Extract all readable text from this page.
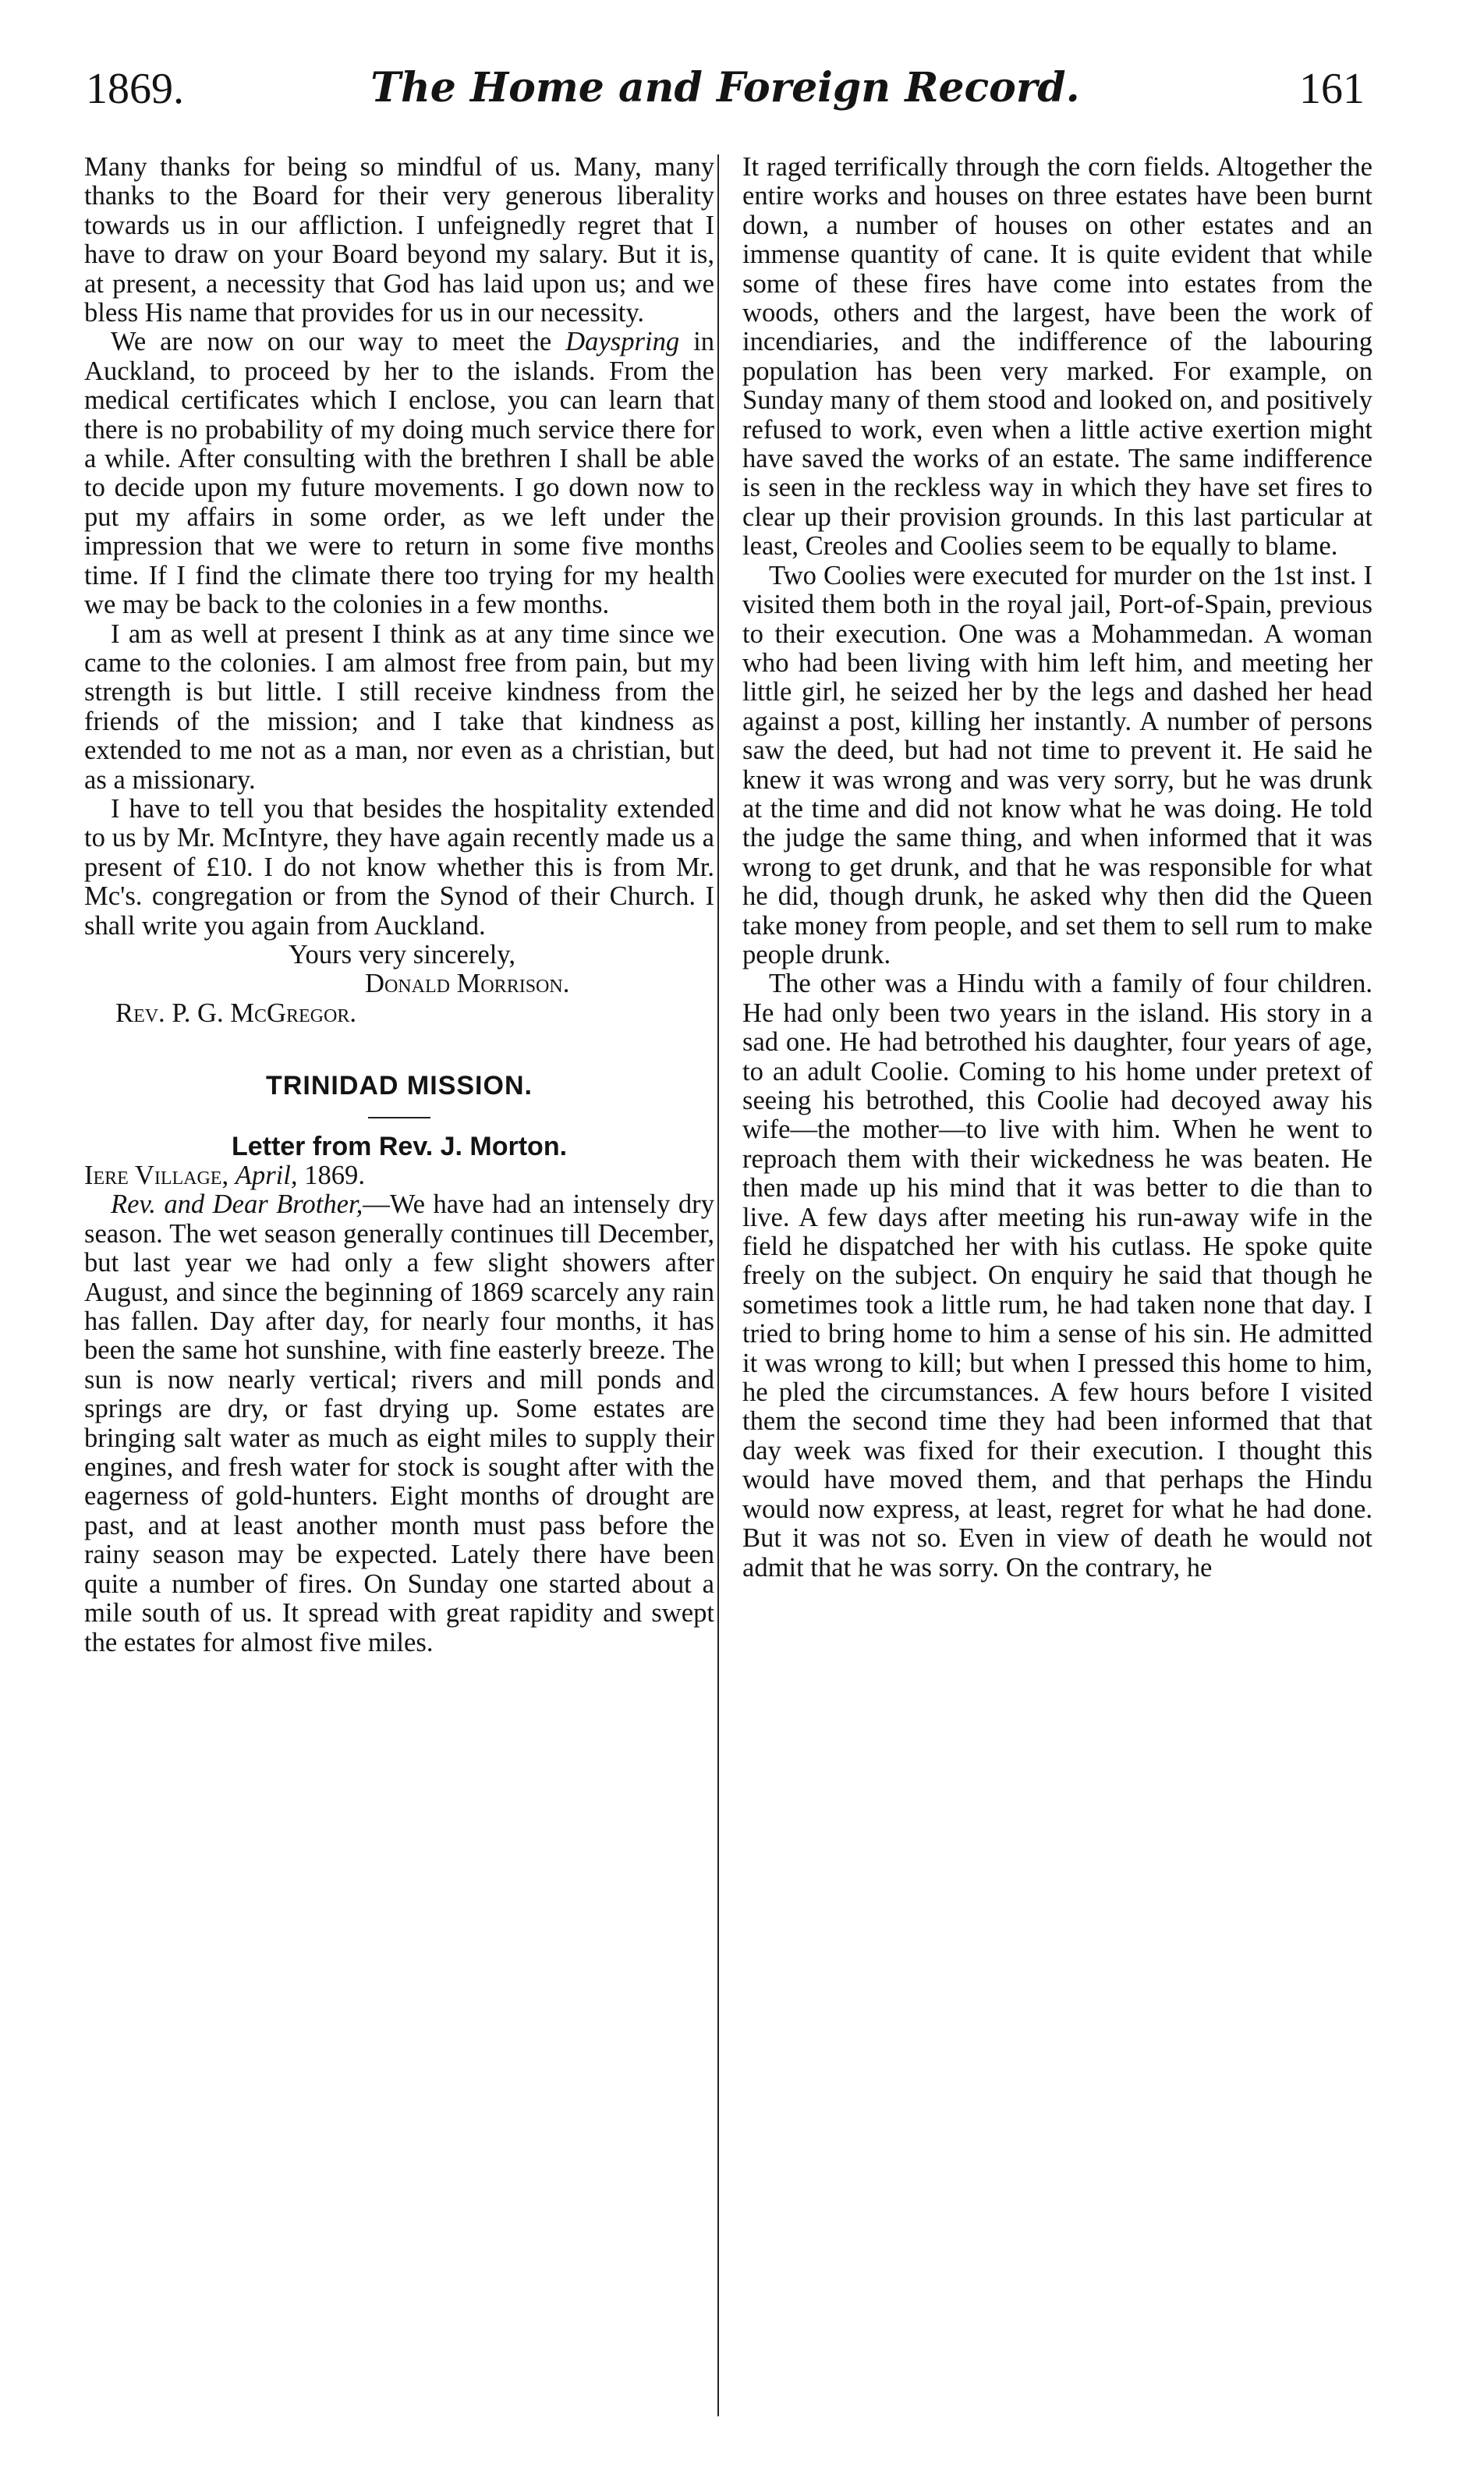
1869.	The Home and Foreign Record.	161

Many thanks for being so mindful of us. Many, many thanks to the Board for their very generous liberality towards us in our affliction. I unfeignedly regret that I have to draw on your Board beyond my salary. But it is, at present, a necessity that God has laid upon us; and we bless His name that provides for us in our necessity.

We are now on our way to meet the Dayspring in Auckland, to proceed by her to the islands. From the medical certificates which I enclose, you can learn that there is no probability of my doing much service there for a while. After consulting with the brethren I shall be able to decide upon my future movements. I go down now to put my affairs in some order, as we left under the impression that we were to return in some five months time. If I find the climate there too trying for my health we may be back to the colonies in a few months.

I am as well at present I think as at any time since we came to the colonies. I am almost free from pain, but my strength is but little. I still receive kindness from the friends of the mission; and I take that kindness as extended to me not as a man, nor even as a christian, but as a missionary.

I have to tell you that besides the hospitality extended to us by Mr. McIntyre, they have again recently made us a present of £10. I do not know whether this is from Mr. Mc's. congregation or from the Synod of their Church. I shall write you again from Auckland.

Yours very sincerely,

Donald Morrison.

Rev. P. G. McGregor.

TRINIDAD MISSION.
Letter from Rev. J. Morton.

Iere Village, April, 1869.

Rev. and Dear Brother,—We have had an intensely dry season. The wet season generally continues till December, but last year we had only a few slight showers after August, and since the beginning of 1869 scarcely any rain has fallen. Day after day, for nearly four months, it has been the same hot sunshine, with fine easterly breeze. The sun is now nearly vertical; rivers and mill ponds and springs are dry, or fast drying up. Some estates are bringing salt water as much as eight miles to supply their engines, and fresh water for stock is sought after with the eagerness of gold-hunters. Eight months of drought are past, and at least another month must pass before the rainy season may be expected. Lately there have been quite a number of fires. On Sunday one started about a mile south of us. It spread with great rapidity and swept the estates for almost five miles.

It raged terrifically through the corn fields. Altogether the entire works and houses on three estates have been burnt down, a number of houses on other estates and an immense quantity of cane. It is quite evident that while some of these fires have come into estates from the woods, others and the largest, have been the work of incendiaries, and the indifference of the labouring population has been very marked. For example, on Sunday many of them stood and looked on, and positively refused to work, even when a little active exertion might have saved the works of an estate. The same indifference is seen in the reckless way in which they have set fires to clear up their provision grounds. In this last particular at least, Creoles and Coolies seem to be equally to blame.

Two Coolies were executed for murder on the 1st inst. I visited them both in the royal jail, Port-of-Spain, previous to their execution. One was a Mohammedan. A woman who had been living with him left him, and meeting her little girl, he seized her by the legs and dashed her head against a post, killing her instantly. A number of persons saw the deed, but had not time to prevent it. He said he knew it was wrong and was very sorry, but he was drunk at the time and did not know what he was doing. He told the judge the same thing, and when informed that it was wrong to get drunk, and that he was responsible for what he did, though drunk, he asked why then did the Queen take money from people, and set them to sell rum to make people drunk.

The other was a Hindu with a family of four children. He had only been two years in the island. His story in a sad one. He had betrothed his daughter, four years of age, to an adult Coolie. Coming to his home under pretext of seeing his betrothed, this Coolie had decoyed away his wife—the mother—to live with him. When he went to reproach them with their wickedness he was beaten. He then made up his mind that it was better to die than to live. A few days after meeting his run-away wife in the field he dispatched her with his cutlass. He spoke quite freely on the subject. On enquiry he said that though he sometimes took a little rum, he had taken none that day. I tried to bring home to him a sense of his sin. He admitted it was wrong to kill; but when I pressed this home to him, he pled the circumstances. A few hours before I visited them the second time they had been informed that that day week was fixed for their execution. I thought this would have moved them, and that perhaps the Hindu would now express, at least, regret for what he had done. But it was not so. Even in view of death he would not admit that he was sorry. On the contrary, he
